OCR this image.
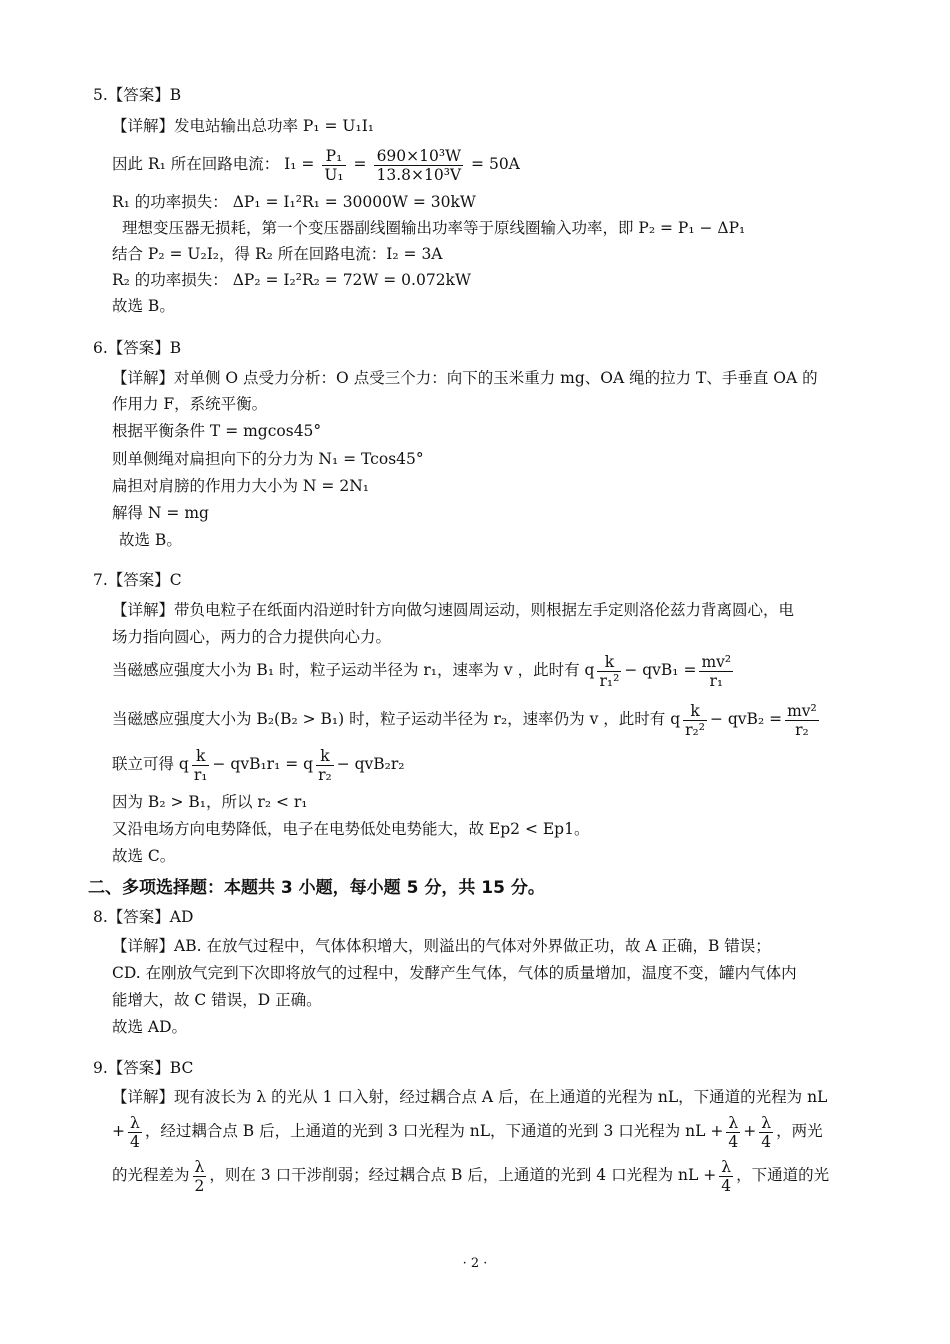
5.【答案】B
【详解】发电站输出总功率 P₁ = U₁I₁
因此 R₁ 所在回路电流： $I_1 = \frac{\text{P₁}}{\text{U₁}} = \frac{\text{690×10³W}}{\text{13.8×10³V}} = 50A$
R₁ 的功率损失： ΔP₁ = I₁²R₁ = 30000W = 30kW
理想变压器无损耗，第一个变压器副线圈输出功率等于原线圈输入功率，即 P₂ = P₁ − ΔP₁
结合 P₂ = U₂I₂，得 R₂ 所在回路电流：I₂ = 3A
R₂ 的功率损失： ΔP₂ = I₂²R₂ = 72W = 0.072kW
故选 B。
6.【答案】B
【详解】对单侧 O 点受力分析：O 点受三个力：向下的玉米重力 mg、OA 绳的拉力 T、手垂直 OA 的
作用力 F，系统平衡。
根据平衡条件 T = mgcos45°
则单侧绳对扁担向下的分力为 N₁ = Tcos45°
扁担对肩膀的作用力大小为 N = 2N₁
解得 N = mg
故选 B。
7.【答案】C
【详解】带负电粒子在纸面内沿逆时针方向做匀速圆周运动，则根据左手定则洛伦兹力背离圆心，电
场力指向圆心，两力的合力提供向心力。
当磁感应强度大小为 B₁ 时，粒子运动半径为 r₁，速率为 v ，此时有 q $\frac{k}{\text{r₁²}} - qvB_1 = \frac{\text{mv²}}{\text{r₁}}$
当磁感应强度大小为 B₂(B₂ > B₁) 时，粒子运动半径为 r₂，速率仍为 v ，此时有 q $\frac{k}{\text{r₂²}} - qvB_2 = \frac{\text{mv²}}{\text{r₂}}$
联立可得 q $\frac{k}{\text{r₁}} - qvB_1r_1 = q \frac{k}{\text{r₂}} - qvB_2r_2$
因为 B₂ > B₁，所以 r₂ < r₁
又沿电场方向电势降低，电子在电势低处电势能大，故 Ep2 < Ep1。
故选 C。
二、多项选择题：本题共 3 小题，每小题 5 分，共 15 分。
8.【答案】AD
【详解】AB. 在放气过程中，气体体积增大，则溢出的气体对外界做正功，故 A 正确，B 错误；
CD. 在刚放气完到下次即将放气的过程中，发酵产生气体，气体的质量增加，温度不变，罐内气体内
能增大，故 C 错误，D 正确。
故选 AD。
9.【答案】BC
【详解】现有波长为 λ 的光从 1 口入射，经过耦合点 A 后，在上通道的光程为 nL，下通道的光程为 nL
+ $\frac{\lambda}{4}$ ，经过耦合点 B 后，上通道的光到 3 口光程为 nL，下通道的光到 3 口光程为 nL + $\frac{\lambda}{4} + \frac{\lambda}{4}$ ，两光
的光程差为 $\frac{\lambda}{2}$ ，则在 3 口干涉削弱；经过耦合点 B 后，上通道的光到 4 口光程为 nL + $\frac{\lambda}{4}$ ，下通道的光
· 2 ·
